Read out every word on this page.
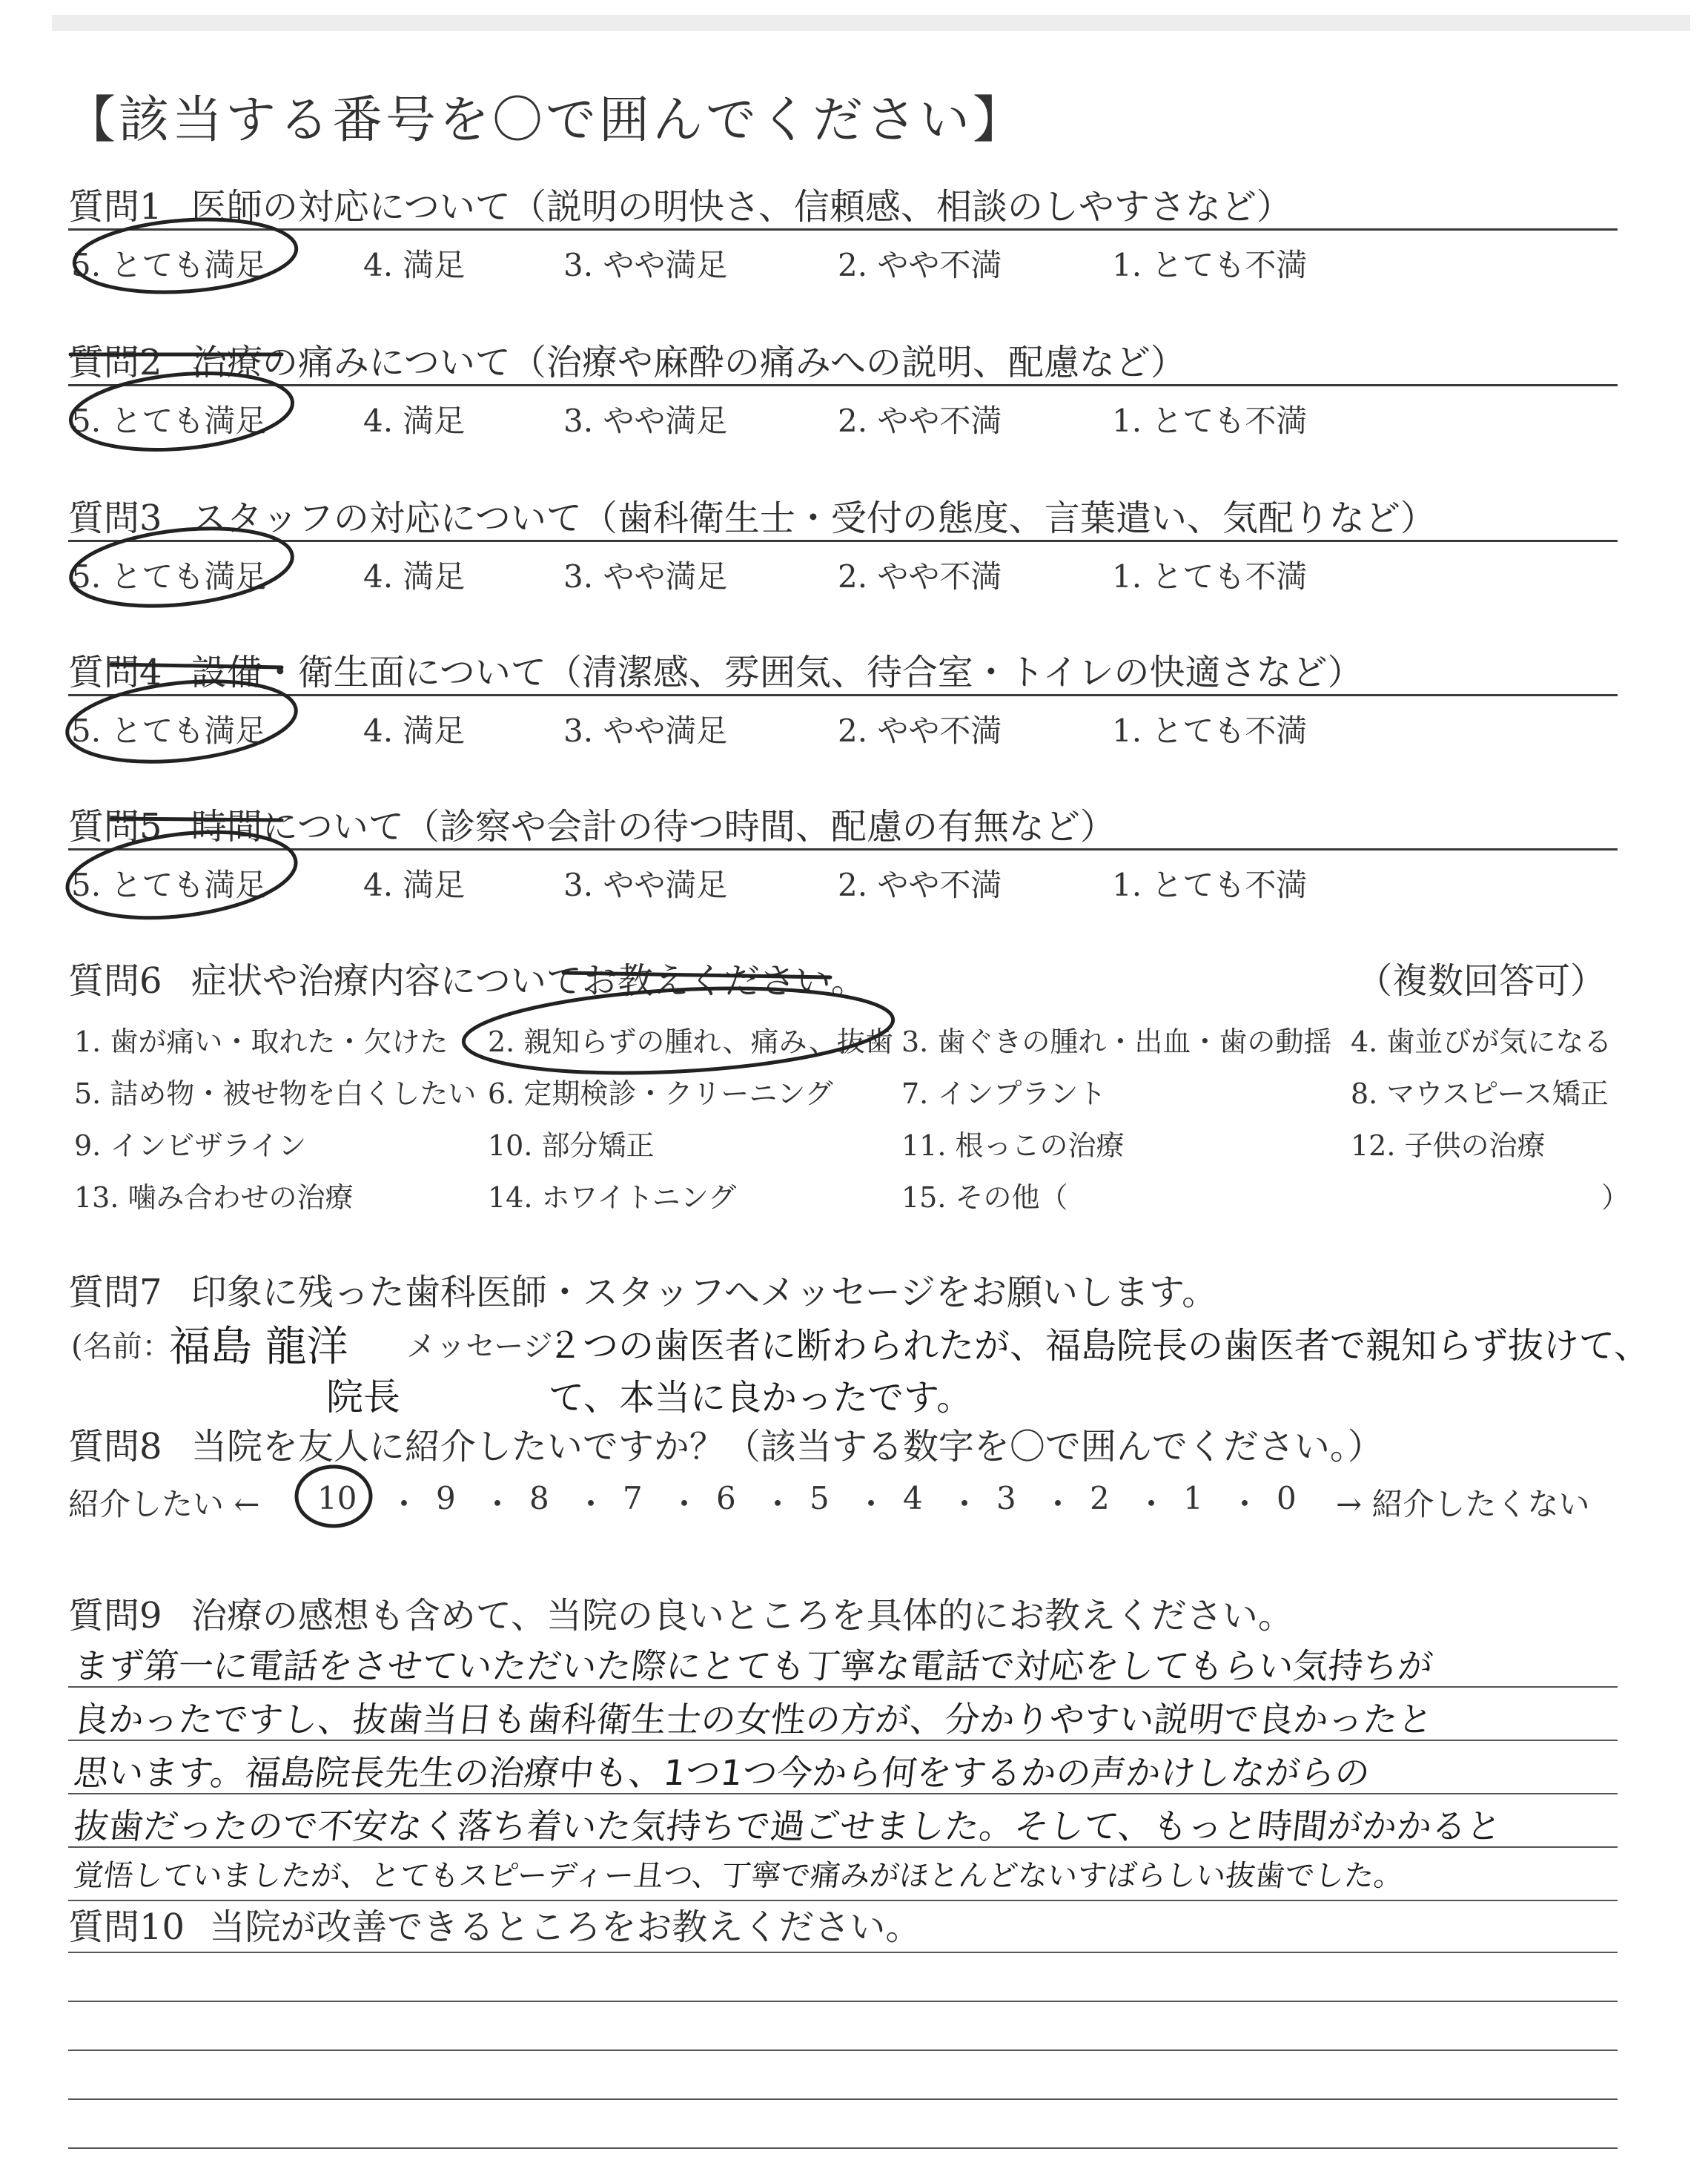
【該当する番号を〇で囲んでください】
質問1 医師の対応について（説明の明快さ、信頼感、相談のしやすさなど）
5. とても満足	4. 満足	3. やや満足	2. やや不満	1. とても不満
質問2 治療の痛みについて（治療や麻酔の痛みへの説明、配慮など）
5. とても満足	4. 満足	3. やや満足	2. やや不満	1. とても不満
質問3 スタッフの対応について（歯科衛生士・受付の態度、言葉遣い、気配りなど）
5. とても満足	4. 満足	3. やや満足	2. やや不満	1. とても不満
質問4 設備・衛生面について（清潔感、雰囲気、待合室・トイレの快適さなど）
5. とても満足	4. 満足	3. やや満足	2. やや不満	1. とても不満
質問5 時間について（診察や会計の待つ時間、配慮の有無など）
5. とても満足	4. 満足	3. やや満足	2. やや不満	1. とても不満
質問6 症状や治療内容についてお教えください。	（複数回答可）
1. 歯が痛い・取れた・欠けた 2. 親知らずの腫れ、痛み、抜歯 3. 歯ぐきの腫れ・出血・歯の動揺 4. 歯並びが気になる
5. 詰め物・被せ物を白くしたい 6. 定期検診・クリーニング 7. インプラント	8. マウスピース矯正
9. インビザライン	10. 部分矯正	11. 根っこの治療	12. 子供の治療
13. 噛み合わせの治療	14. ホワイトニング	15. その他（	）
質問7 印象に残った歯科医師・スタッフへメッセージをお願いします。
(名前：
福島 龍洋
院長
メッセージ：
２つの歯医者に断わられたが、福島院長の歯医者で親知らず抜けて、
て、本当に良かったです。
質問8 当院を友人に紹介したいですか？（該当する数字を〇で囲んでください。）
紹介したい ← 10	9 8 7 6 5 4 3 2 1 0 → 紹介したくない
・ ・ ・ ・ ・ ・ ・ ・ ・ ・
質問9 治療の感想も含めて、当院の良いところを具体的にお教えください。
まず第一に電話をさせていただいた際にとても丁寧な電話で対応をしてもらい気持ちが
良かったですし、抜歯当日も歯科衛生士の女性の方が、分かりやすい説明で良かったと
思います。福島院長先生の治療中も、1つ1つ今から何をするかの声かけしながらの
抜歯だったので不安なく落ち着いた気持ちで過ごせました。そして、もっと時間がかかると
覚悟していましたが、とてもスピーディー且つ、丁寧で痛みがほとんどないすばらしい抜歯でした。
質問10 当院が改善できるところをお教えください。
